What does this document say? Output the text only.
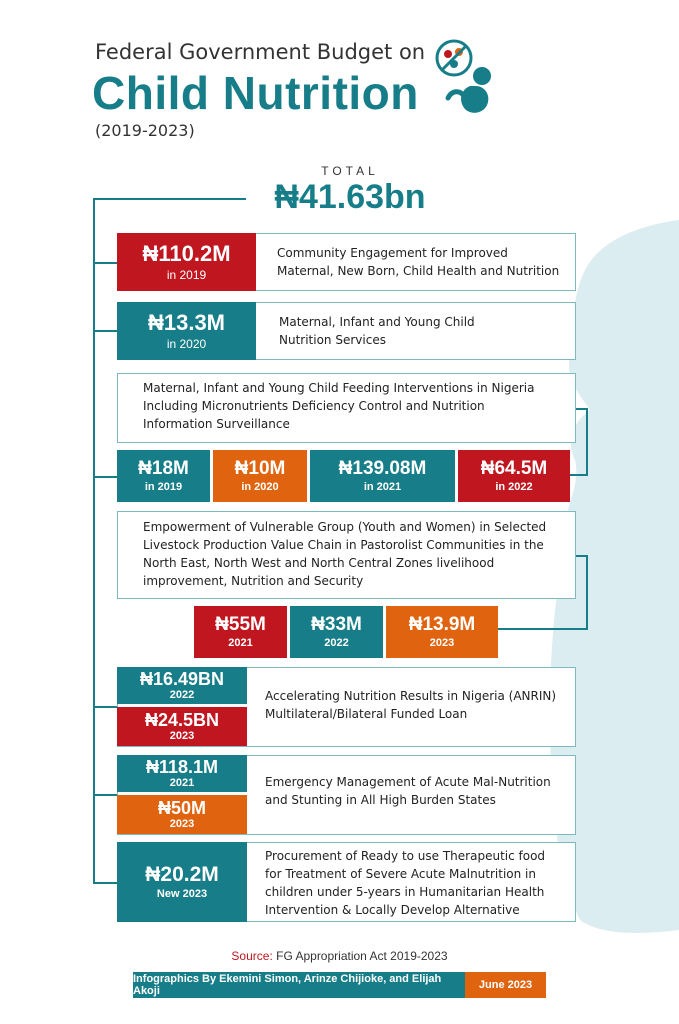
Federal Government Budget on
Child Nutrition
(2019-2023)
TOTAL
₦41.63bn
₦110.2M
in 2019
Community Engagement for Improved Maternal, New Born, Child Health and Nutrition
₦13.3M
in 2020
Maternal, Infant and Young Child Nutrition Services
Maternal, Infant and Young Child Feeding Interventions in Nigeria Including Micronutrients Deficiency Control and Nutrition Information Surveillance
₦18M
in 2019
₦10M
in 2020
₦139.08M
in 2021
₦64.5M
in 2022
Empowerment of Vulnerable Group (Youth and Women) in Selected Livestock Production Value Chain in Pastorolist Communities in the North East, North West and North Central Zones livelihood improvement, Nutrition and Security
₦55M
2021
₦33M
2022
₦13.9M
2023
₦16.49BN
2022
₦24.5BN
2023
Accelerating Nutrition Results in Nigeria (ANRIN) Multilateral/Bilateral Funded Loan
₦118.1M
2021
₦50M
2023
Emergency Management of Acute Mal-Nutrition and Stunting in All High Burden States
₦20.2M
New 2023
Procurement of Ready to use Therapeutic food for Treatment of Severe Acute Malnutrition in children under 5-years in Humanitarian Health Intervention & Locally Develop Alternative
Source: FG Appropriation Act 2019-2023
Infographics By Ekemini Simon, Arinze Chijioke, and Elijah Akoji	June 2023
